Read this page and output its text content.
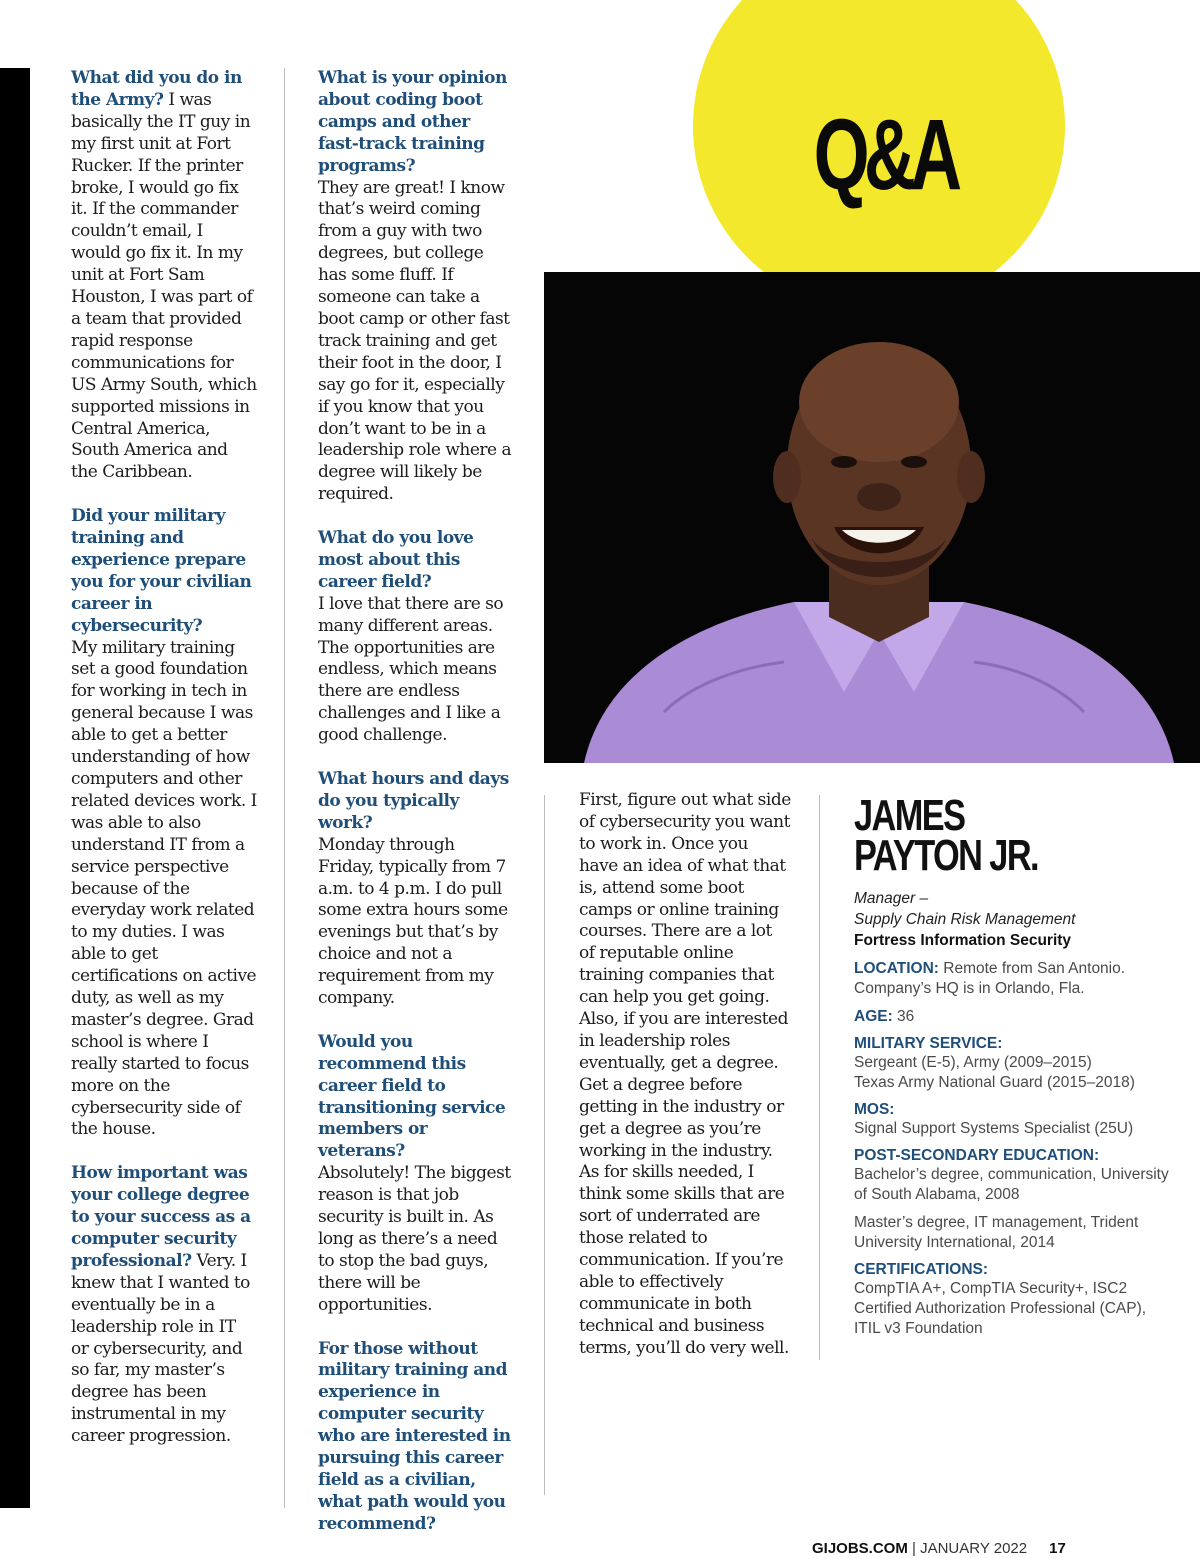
Q&A
What did you do in the Army? I was basically the IT guy in my first unit at Fort Rucker. If the printer broke, I would go fix it. If the commander couldn’t email, I would go fix it. In my unit at Fort Sam Houston, I was part of a team that provided rapid response communications for US Army South, which supported missions in Central America, South America and the Caribbean.
Did your military training and experience prepare you for your civilian career in cybersecurity?
My military training set a good foundation for working in tech in general because I was able to get a better understanding of how computers and other related devices work. I was able to also understand IT from a service perspective because of the everyday work related to my duties. I was able to get certifications on active duty, as well as my master’s degree. Grad school is where I really started to focus more on the cybersecurity side of the house.
How important was your college degree to your success as a computer security professional? Very. I knew that I wanted to eventually be in a leadership role in IT or cybersecurity, and so far, my master’s degree has been instrumental in my career progression.
What is your opinion about coding boot camps and other fast-track training programs?
They are great! I know that’s weird coming from a guy with two degrees, but college has some fluff. If someone can take a boot camp or other fast track training and get their foot in the door, I say go for it, especially if you know that you don’t want to be in a leadership role where a degree will likely be required.
What do you love most about this career field?
I love that there are so many different areas. The opportunities are endless, which means there are endless challenges and I like a good challenge.
What hours and days do you typically work?
Monday through Friday, typically from 7 a.m. to 4 p.m. I do pull some extra hours some evenings but that’s by choice and not a requirement from my company.
Would you recommend this career field to transitioning service members or veterans?
Absolutely! The biggest reason is that job security is built in. As long as there’s a need to stop the bad guys, there will be opportunities.
For those without military training and experience in computer security who are interested in pursuing this career field as a civilian, what path would you recommend?
First, figure out what side of cybersecurity you want to work in. Once you have an idea of what that is, attend some boot camps or online training courses. There are a lot of reputable online training companies that can help you get going. Also, if you are interested in leadership roles eventually, get a degree. Get a degree before getting in the industry or get a degree as you’re working in the industry. As for skills needed, I think some skills that are sort of underrated are those related to communication. If you’re able to effectively communicate in both technical and business terms, you’ll do very well.
JAMES
PAYTON JR.
Manager –
Supply Chain Risk Management
Fortress Information Security
LOCATION: Remote from San Antonio. Company’s HQ is in Orlando, Fla.
AGE: 36
MILITARY SERVICE:
Sergeant (E-5), Army (2009–2015)
Texas Army National Guard (2015–2018)
MOS:
Signal Support Systems Specialist (25U)
POST-SECONDARY EDUCATION:
Bachelor’s degree, communication, University of South Alabama, 2008
Master’s degree, IT management, Trident University International, 2014
CERTIFICATIONS:
CompTIA A+, CompTIA Security+, ISC2 Certified Authorization Professional (CAP), ITIL v3 Foundation
GIJOBS.COM | JANUARY 2022 17
